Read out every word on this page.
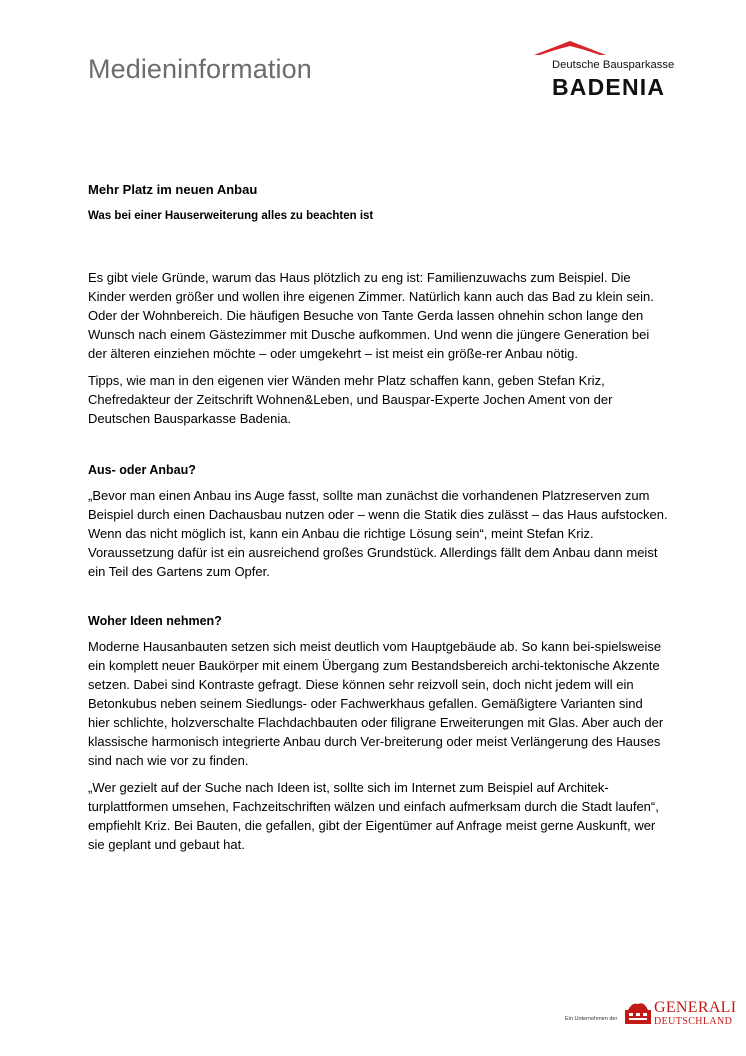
Medieninformation	Deutsche Bausparkasse
BADENIA
Mehr Platz im neuen Anbau
Was bei einer Hauserweiterung alles zu beachten ist

Es gibt viele Gründe, warum das Haus plötzlich zu eng ist: Familienzuwachs zum Beispiel. Die Kinder werden größer und wollen ihre eigenen Zimmer. Natürlich kann auch das Bad zu klein sein. Oder der Wohnbereich. Die häufigen Besuche von Tante Gerda lassen ohnehin schon lange den Wunsch nach einem Gästezimmer mit Dusche aufkommen. Und wenn die jüngere Generation bei der älteren einziehen möchte – oder umgekehrt – ist meist ein größe-rer Anbau nötig.

Tipps, wie man in den eigenen vier Wänden mehr Platz schaffen kann, geben Stefan Kriz, Chefredakteur der Zeitschrift Wohnen&Leben, und Bauspar-Experte Jochen Ament von der Deutschen Bausparkasse Badenia.

Aus- oder Anbau?

„Bevor man einen Anbau ins Auge fasst, sollte man zunächst die vorhandenen Platzreserven zum Beispiel durch einen Dachausbau nutzen oder – wenn die Statik dies zulässt – das Haus aufstocken. Wenn das nicht möglich ist, kann ein Anbau die richtige Lösung sein“, meint Stefan Kriz. Voraussetzung dafür ist ein ausreichend großes Grundstück. Allerdings fällt dem Anbau dann meist ein Teil des Gartens zum Opfer.

Woher Ideen nehmen?

Moderne Hausanbauten setzen sich meist deutlich vom Hauptgebäude ab. So kann bei-spielsweise ein komplett neuer Baukörper mit einem Übergang zum Bestandsbereich archi-tektonische Akzente setzen. Dabei sind Kontraste gefragt. Diese können sehr reizvoll sein, doch nicht jedem will ein Betonkubus neben seinem Siedlungs- oder Fachwerkhaus gefallen. Gemäßigtere Varianten sind hier schlichte, holzverschalte Flachdachbauten oder filigrane Erweiterungen mit Glas. Aber auch der klassische harmonisch integrierte Anbau durch Ver-breiterung oder meist Verlängerung des Hauses sind nach wie vor zu finden.

„Wer gezielt auf der Suche nach Ideen ist, sollte sich im Internet zum Beispiel auf Architek-turplattformen umsehen, Fachzeitschriften wälzen und einfach aufmerksam durch die Stadt laufen“, empfiehlt Kriz. Bei Bauten, die gefallen, gibt der Eigentümer auf Anfrage meist gerne Auskunft, wer sie geplant und gebaut hat.

Ein Unternehmen der
GENERALI
DEUTSCHLAND
